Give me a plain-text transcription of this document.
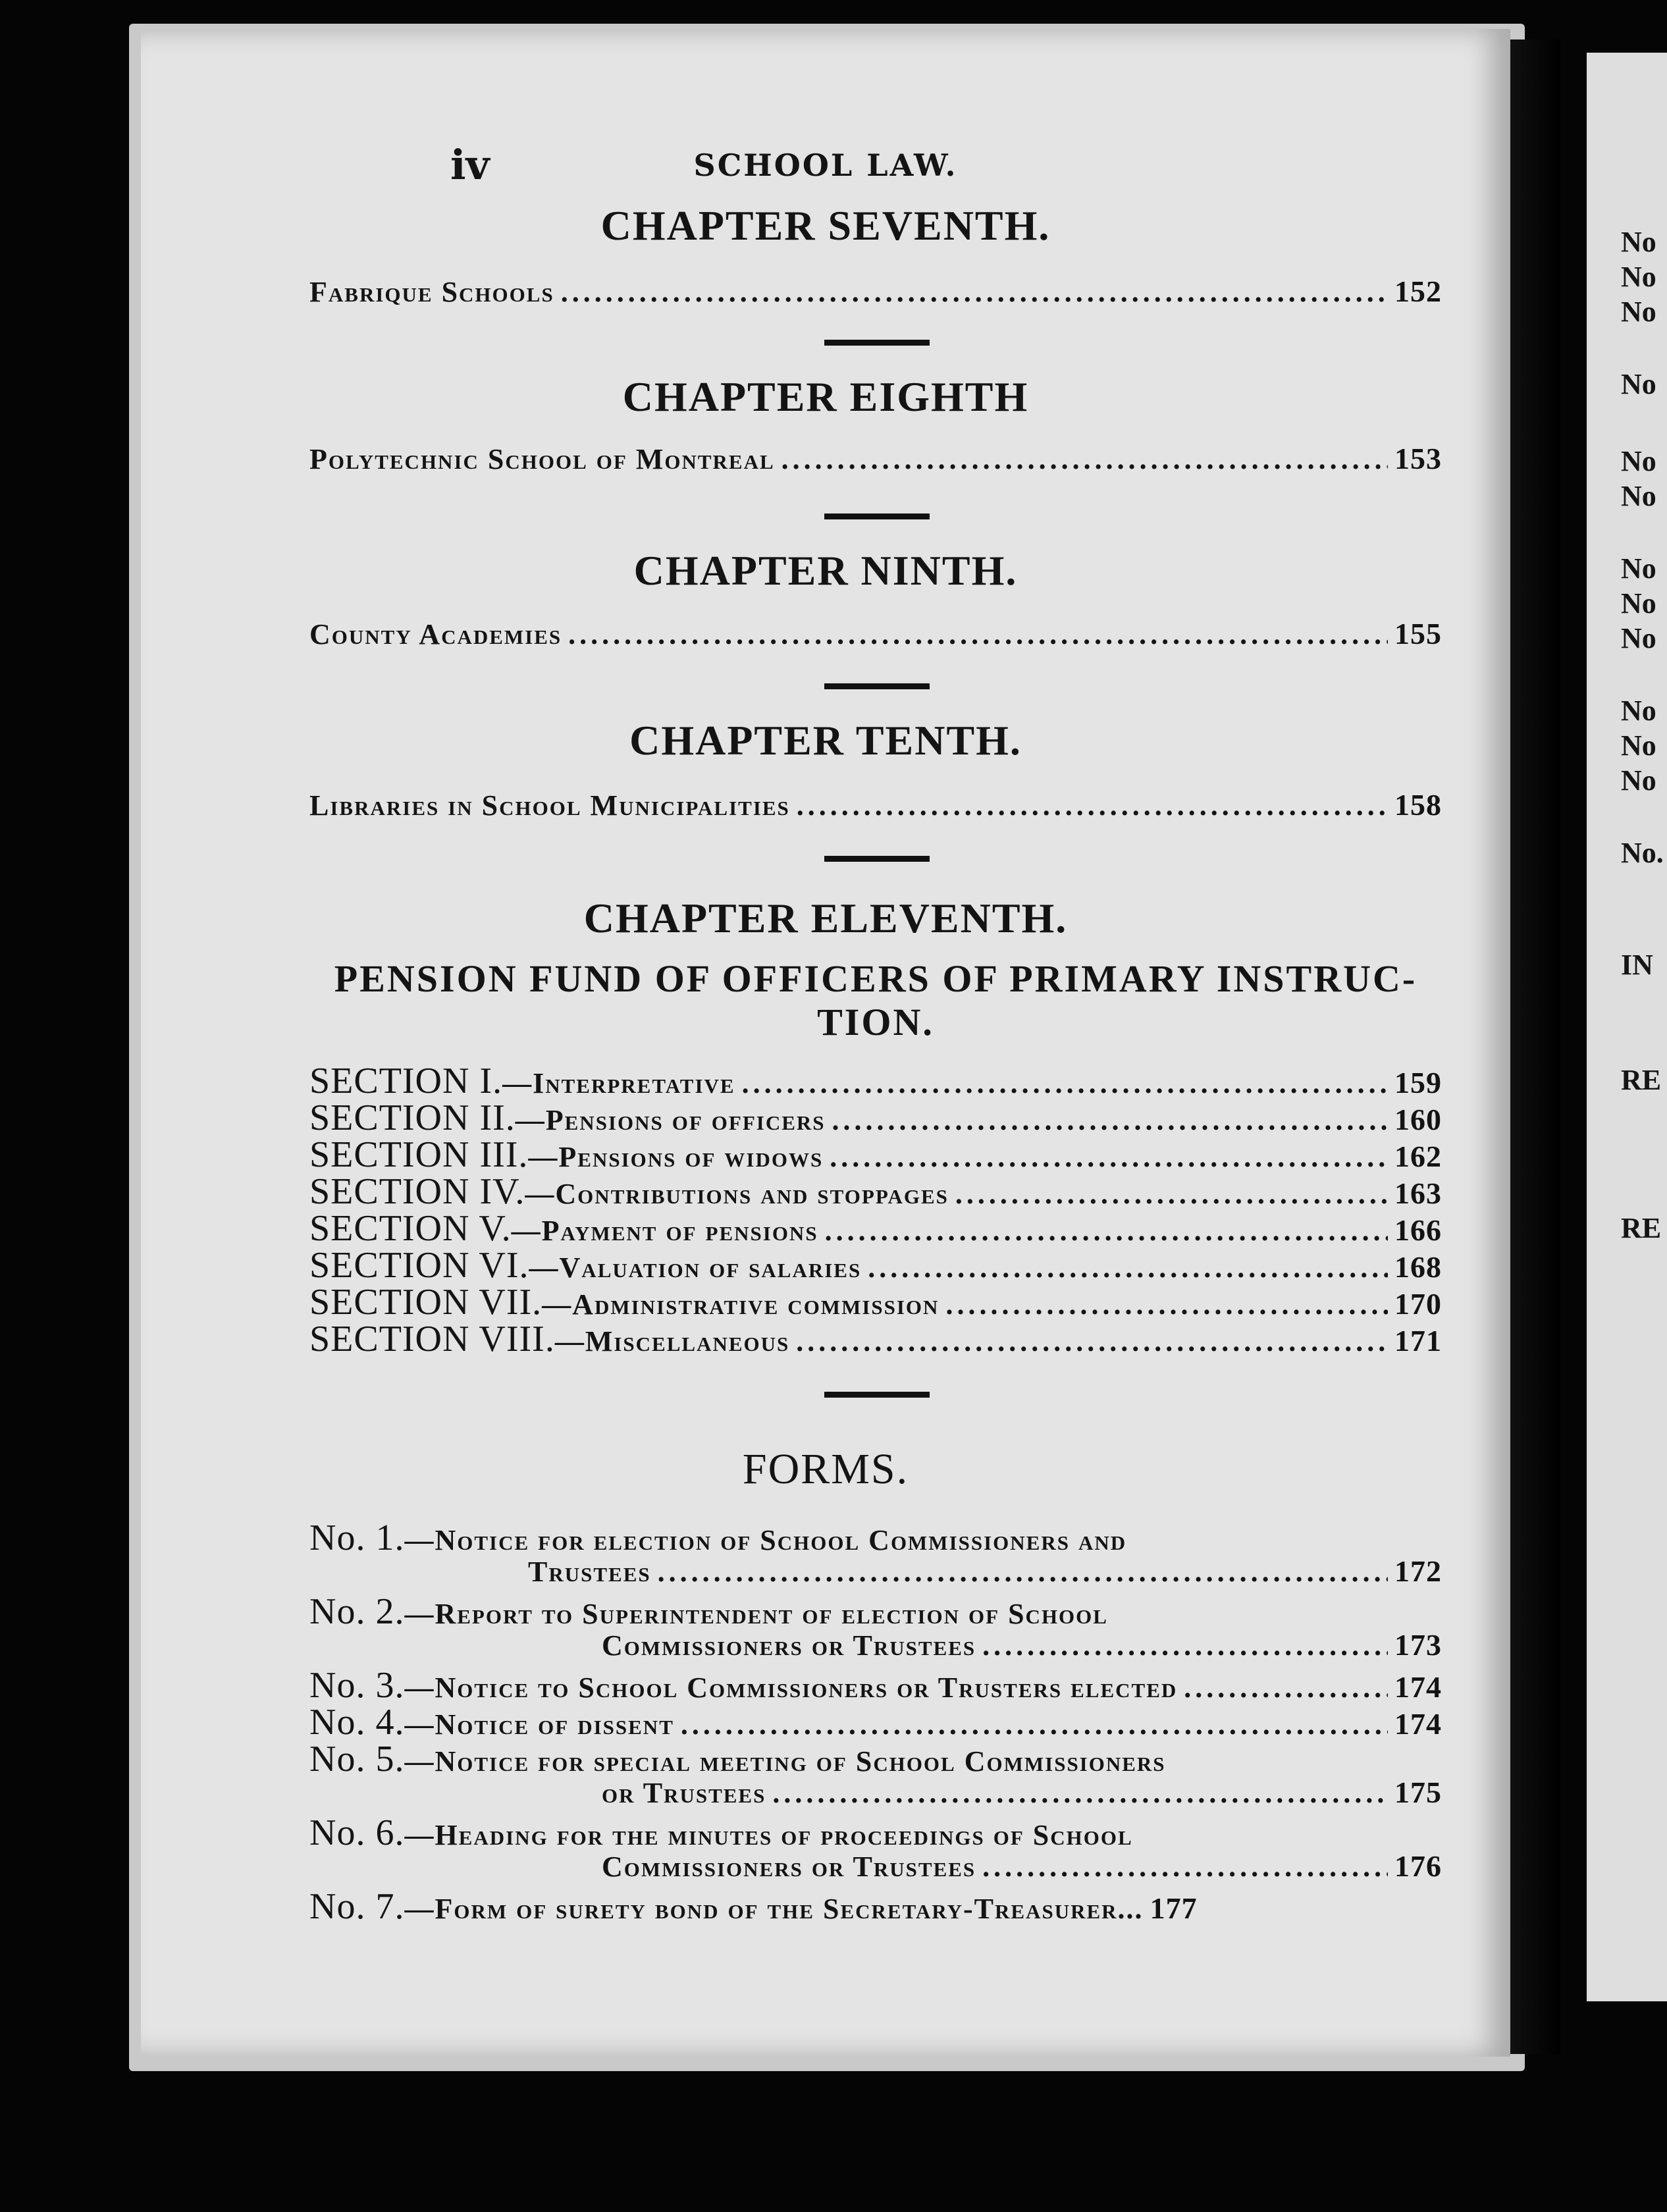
No
No
No
No
No
No
No
No
No
No
No
No
No.
IN
RE
RE
iv	SCHOOL LAW.
CHAPTER SEVENTH.
Fabrique Schools .....	152
CHAPTER EIGHTH
Polytechnic School of Montreal .....	153
CHAPTER NINTH.
County Academies .....	155
CHAPTER TENTH.
Libraries in School Municipalities .....	158
CHAPTER ELEVENTH.
PENSION FUND OF OFFICERS OF PRIMARY INSTRUC-
TION.
SECTION I.—Interpretative .....	159
SECTION II.—Pensions of officers .....	160
SECTION III.—Pensions of widows .....	162
SECTION IV.—Contributions and stoppages .....	163
SECTION V.—Payment of pensions .....	166
SECTION VI.—Valuation of salaries .....	168
SECTION VII.—Administrative commission .....	170
SECTION VIII.—Miscellaneous .....	171
FORMS.
No. 1.—Notice for election of School Commissioners and
Trustees .....	172
No. 2.—Report to Superintendent of election of School
Commissioners or Trustees .....	173
No. 3.—Notice to School Commissioners or Trusters elected .....	174
No. 4.—Notice of dissent .....	174
No. 5.—Notice for special meeting of School Commissioners
or Trustees .....	175
No. 6.—Heading for the minutes of proceedings of School
Commissioners or Trustees .....	176
No. 7.—Form of surety bond of the Secretary-Treasurer... 177
